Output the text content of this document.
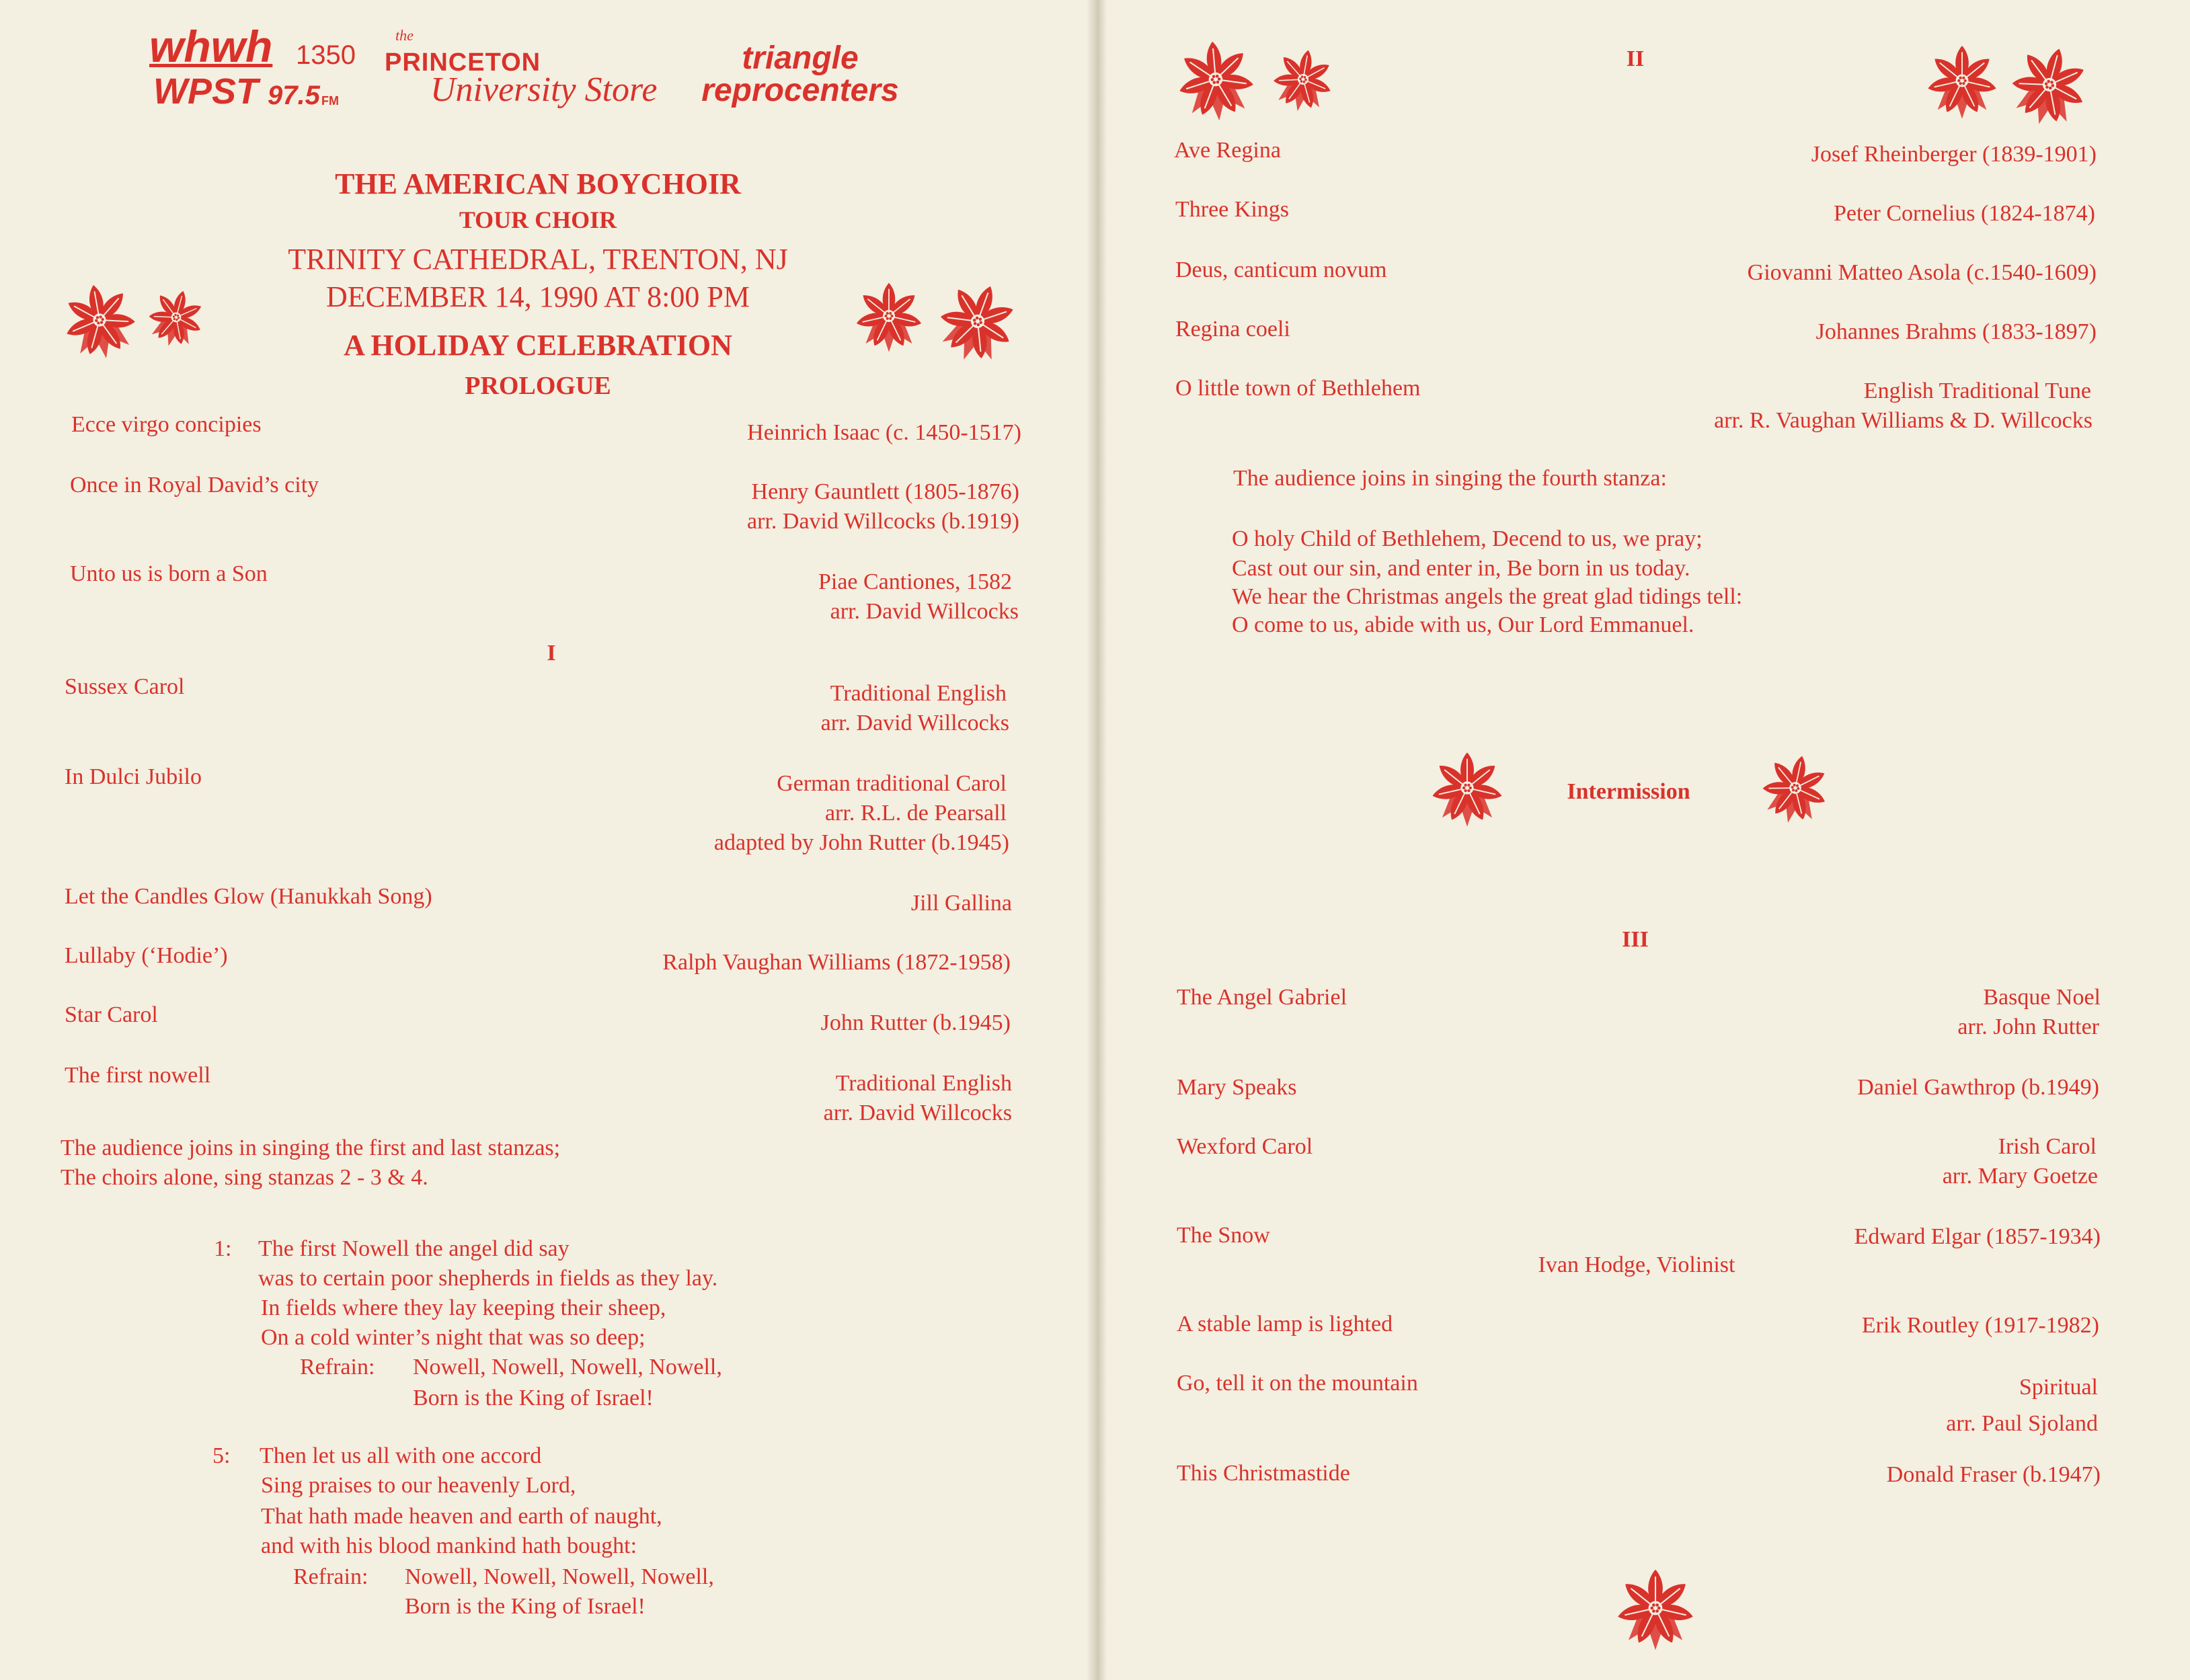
whwh 1350
WPST 97.5 FM
the
PRINCETON
University Store
triangle
reprocenters
THE AMERICAN BOYCHOIR
TOUR CHOIR
TRINITY CATHEDRAL, TRENTON, NJ
DECEMBER 14, 1990 AT 8:00 PM
A HOLIDAY CELEBRATION
PROLOGUE
Ecce virgo concipies	Heinrich Isaac (c. 1450-1517)
Once in Royal David’s city	Henry Gauntlett (1805-1876)
arr. David Willcocks (b.1919)
Unto us is born a Son	Piae Cantiones, 1582
arr. David Willcocks
I
Sussex Carol	Traditional English
arr. David Willcocks
In Dulci Jubilo	German traditional Carol
arr. R.L. de Pearsall
adapted by John Rutter (b.1945)
Let the Candles Glow (Hanukkah Song)	Jill Gallina
Lullaby (‘Hodie’)	Ralph Vaughan Williams (1872-1958)
Star Carol	John Rutter (b.1945)
The first nowell	Traditional English
arr. David Willcocks
The audience joins in singing the first and last stanzas;
The choirs alone, sing stanzas 2 - 3 & 4.
1: The first Nowell the angel did say
was to certain poor shepherds in fields as they lay.
In fields where they lay keeping their sheep,
On a cold winter’s night that was so deep;
Refrain: Nowell, Nowell, Nowell, Nowell,
Born is the King of Israel!
5: Then let us all with one accord
Sing praises to our heavenly Lord,
That hath made heaven and earth of naught,
and with his blood mankind hath bought:
Refrain: Nowell, Nowell, Nowell, Nowell,
Born is the King of Israel!
II
Ave Regina	Josef Rheinberger (1839-1901)
Three Kings	Peter Cornelius (1824-1874)
Deus, canticum novum	Giovanni Matteo Asola (c.1540-1609)
Regina coeli	Johannes Brahms (1833-1897)
O little town of Bethlehem	English Traditional Tune
arr. R. Vaughan Williams & D. Willcocks
The audience joins in singing the fourth stanza:
O holy Child of Bethlehem, Decend to us, we pray;
Cast out our sin, and enter in, Be born in us today.
We hear the Christmas angels the great glad tidings tell:
O come to us, abide with us, Our Lord Emmanuel.
Intermission
III
The Angel Gabriel	Basque Noel
arr. John Rutter
Mary Speaks	Daniel Gawthrop (b.1949)
Wexford Carol	Irish Carol
arr. Mary Goetze
The Snow	Edward Elgar (1857-1934)
Ivan Hodge, Violinist
A stable lamp is lighted	Erik Routley (1917-1982)
Go, tell it on the mountain	Spiritual
arr. Paul Sjoland
This Christmastide	Donald Fraser (b.1947)
